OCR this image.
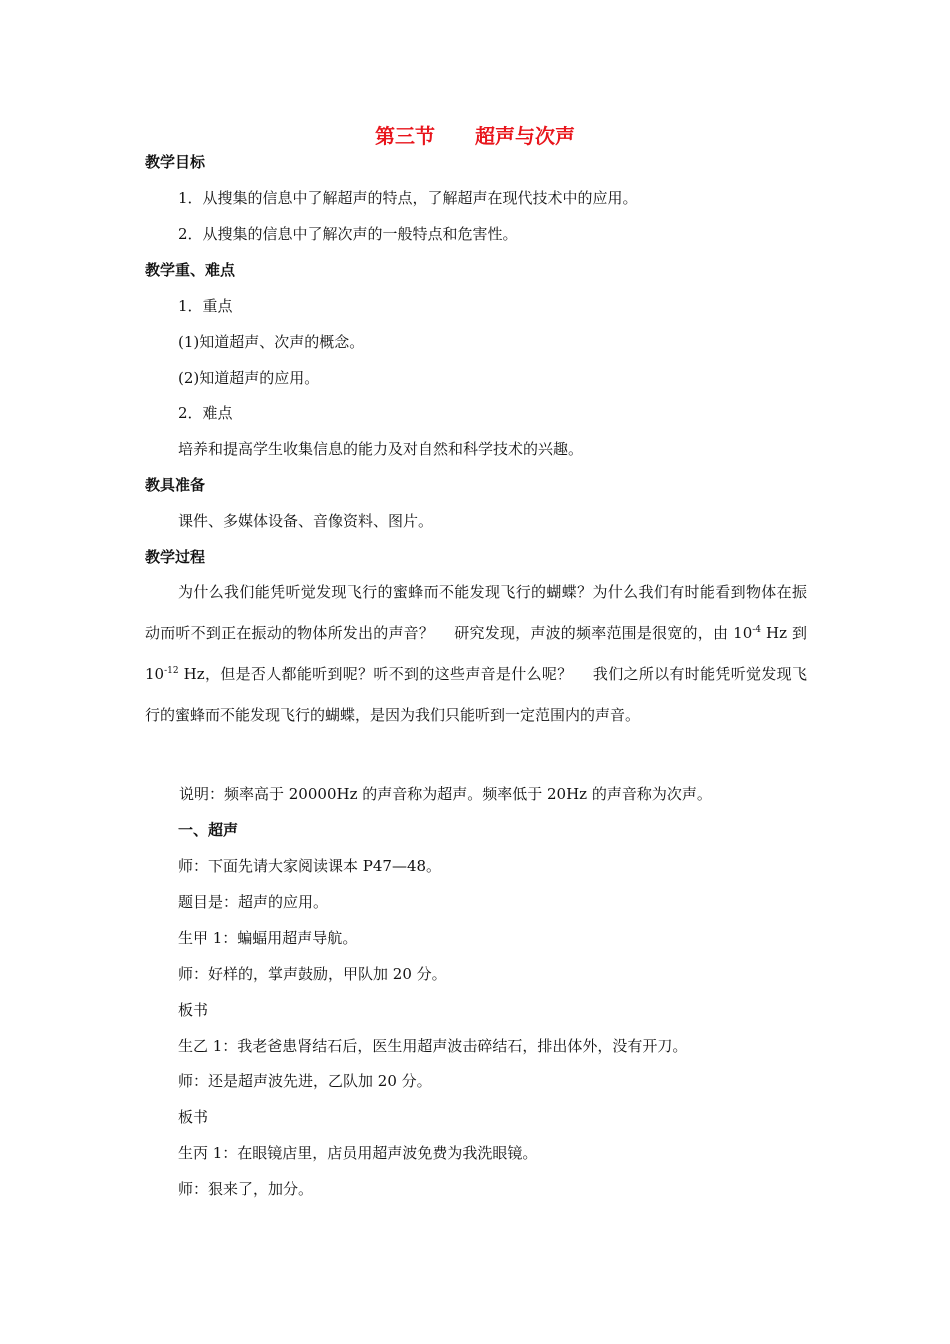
第三节　　超声与次声
教学目标
1．从搜集的信息中了解超声的特点，了解超声在现代技术中的应用。
2．从搜集的信息中了解次声的一般特点和危害性。
教学重、难点
1．重点
(1)知道超声、次声的概念。
(2)知道超声的应用。
2．难点
培养和提高学生收集信息的能力及对自然和科学技术的兴趣。
教具准备
课件、多媒体设备、音像资料、图片。
教学过程
为什么我们能凭听觉发现飞行的蜜蜂而不能发现飞行的蝴蝶？为什么我们有时能看到物体在振动而听不到正在振动的物体所发出的声音？　 研究发现，声波的频率范围是很宽的，由 $10^{-4}$ Hz 到 $10^{-12}$ Hz，但是否人都能听到呢？听不到的这些声音是什么呢？　 我们之所以有时能凭听觉发现飞行的蜜蜂而不能发现飞行的蝴蝶，是因为我们只能听到一定范围内的声音。
说明：频率高于 20000Hz 的声音称为超声。频率低于 20Hz 的声音称为次声。
一、超声
师：下面先请大家阅读课本 P47—48。
题目是：超声的应用。
生甲 1：蝙蝠用超声导航。
师：好样的，掌声鼓励，甲队加 20 分。
板书
生乙 1：我老爸患肾结石后，医生用超声波击碎结石，排出体外，没有开刀。
师：还是超声波先进，乙队加 20 分。
板书
生丙 1：在眼镜店里，店员用超声波免费为我洗眼镜。
师：狠来了，加分。
